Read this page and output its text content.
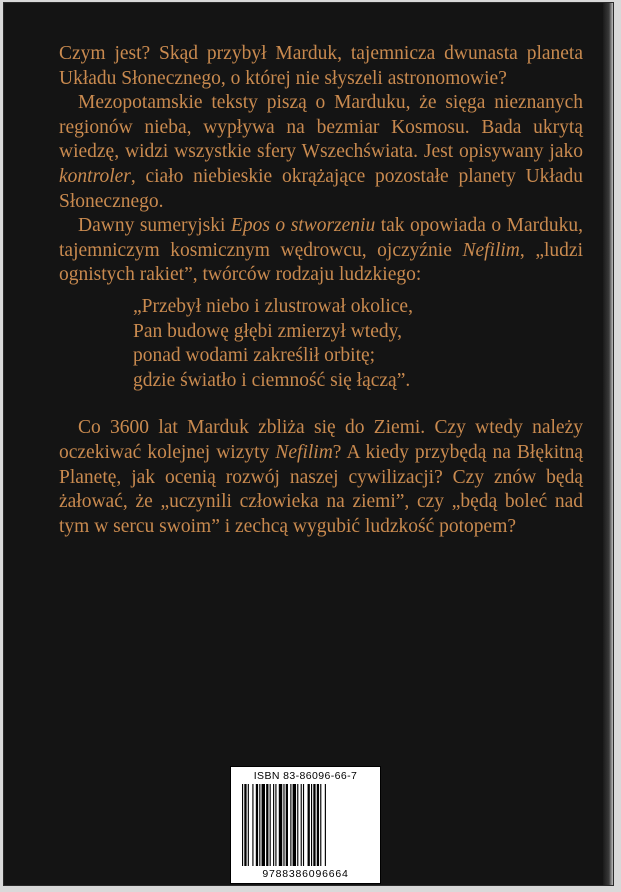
Czym jest? Skąd przybył Marduk, tajemnicza dwunasta planeta Układu Słonecznego, o której nie słyszeli astronomowie?

Mezopotamskie teksty piszą o Marduku, że sięga nieznanych regionów nieba, wypływa na bezmiar Kosmosu. Bada ukrytą wiedzę, widzi wszystkie sfery Wszechświata. Jest opisywany jako kontroler, ciało niebieskie okrążające pozostałe planety Układu Słonecznego.

Dawny sumeryjski Epos o stworzeniu tak opowiada o Marduku, tajemniczym kosmicznym wędrowcu, ojczyźnie Nefilim, „ludzi ognistych rakiet”, twórców rodzaju ludzkiego:

„Przebył niebo i zlustrował okolice,
Pan budowę głębi zmierzył wtedy,
ponad wodami zakreślił orbitę;
gdzie światło i ciemność się łączą”.

Co 3600 lat Marduk zbliża się do Ziemi. Czy wtedy należy oczekiwać kolejnej wizyty Nefilim? A kiedy przybędą na Błękitną Planetę, jak ocenią rozwój naszej cywilizacji? Czy znów będą żałować, że „uczynili człowieka na ziemi”, czy „będą boleć nad tym w sercu swoim” i zechcą wygubić ludzkość potopem?

ISBN 83-86096-66-7
9788386096664
